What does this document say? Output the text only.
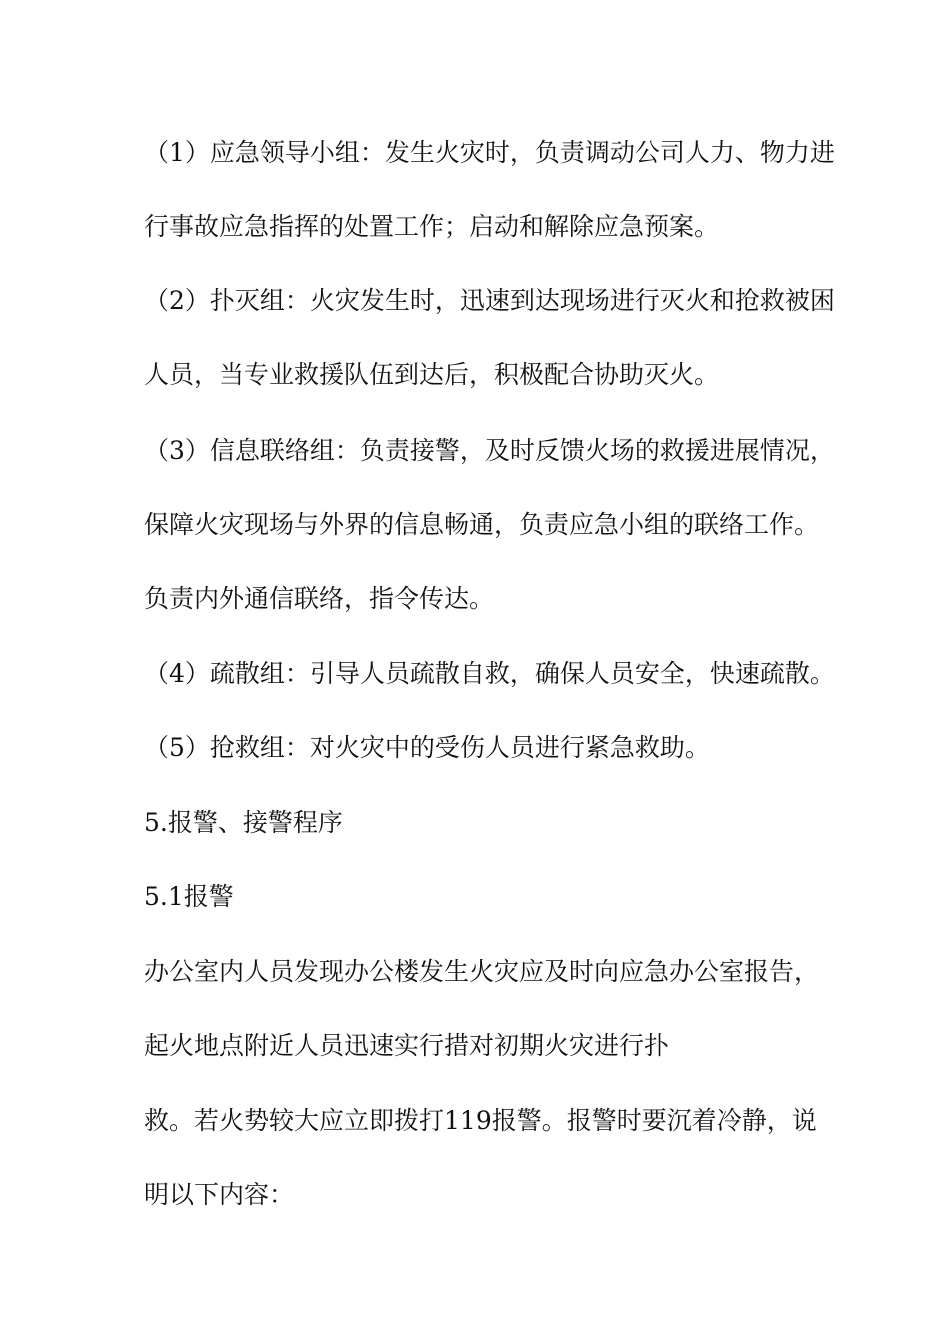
（1）应急领导小组：发生火灾时，负责调动公司人力、物力进
行事故应急指挥的处置工作；启动和解除应急预案。
（2）扑灭组：火灾发生时，迅速到达现场进行灭火和抢救被困
人员，当专业救援队伍到达后，积极配合协助灭火。
（3）信息联络组：负责接警，及时反馈火场的救援进展情况，
保障火灾现场与外界的信息畅通，负责应急小组的联络工作。
负责内外通信联络，指令传达。
（4）疏散组：引导人员疏散自救，确保人员安全，快速疏散。
（5）抢救组：对火灾中的受伤人员进行紧急救助。
5.报警、接警程序
5.1报警
办公室内人员发现办公楼发生火灾应及时向应急办公室报告，
起火地点附近人员迅速实行措对初期火灾进行扑
救。若火势较大应立即拨打119报警。报警时要沉着冷静，说
明以下内容：
